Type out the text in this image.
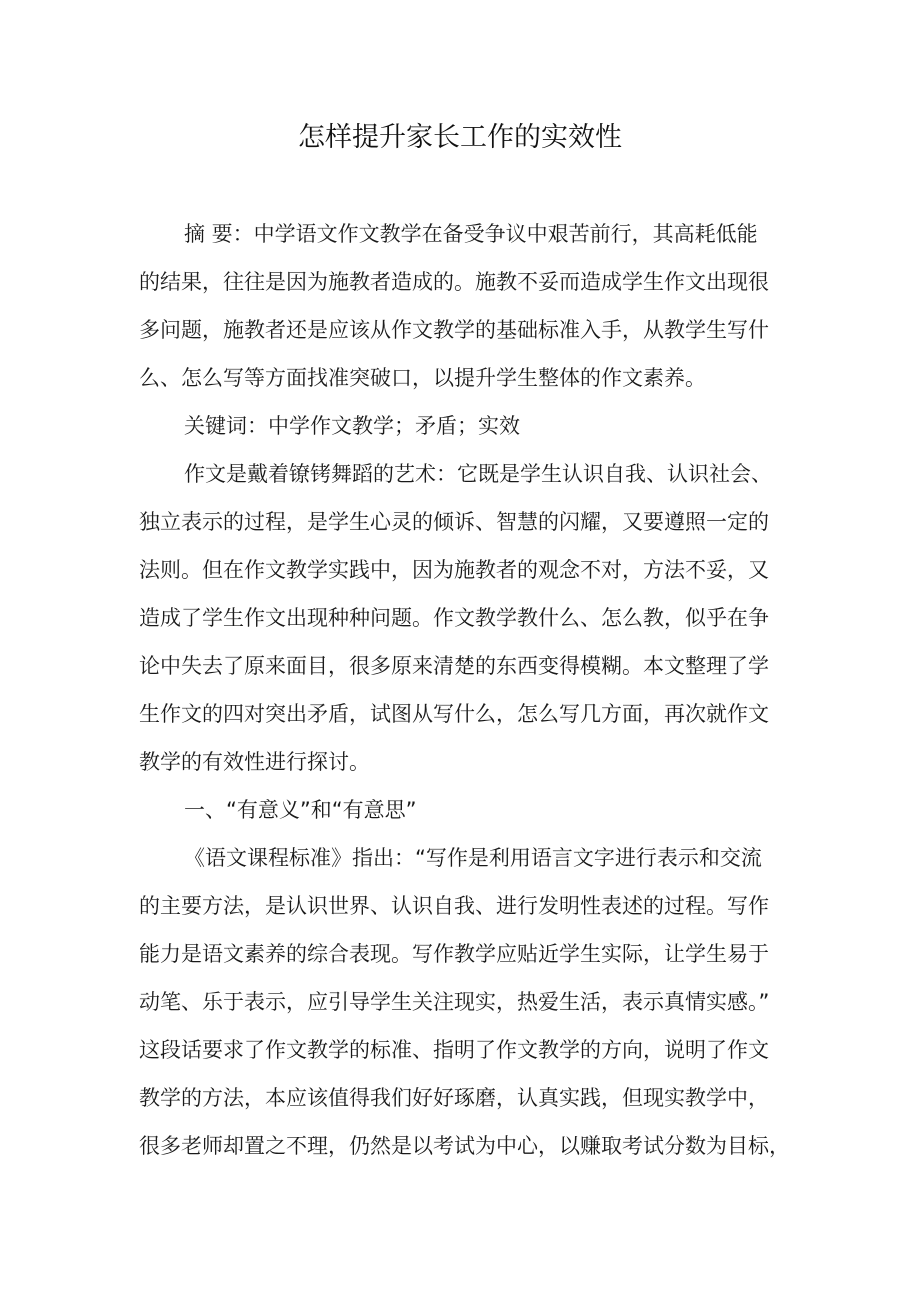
怎样提升家长工作的实效性
摘 要：中学语文作文教学在备受争议中艰苦前行，其高耗低能
的结果，往往是因为施教者造成的。施教不妥而造成学生作文出现很
多问题，施教者还是应该从作文教学的基础标准入手，从教学生写什
么、怎么写等方面找准突破口，以提升学生整体的作文素养。
关键词：中学作文教学；矛盾；实效
作文是戴着镣铐舞蹈的艺术：它既是学生认识自我、认识社会、
独立表示的过程，是学生心灵的倾诉、智慧的闪耀，又要遵照一定的
法则。但在作文教学实践中，因为施教者的观念不对，方法不妥，又
造成了学生作文出现种种问题。作文教学教什么、怎么教，似乎在争
论中失去了原来面目，很多原来清楚的东西变得模糊。本文整理了学
生作文的四对突出矛盾，试图从写什么，怎么写几方面，再次就作文
教学的有效性进行探讨。
一、“有意义”和“有意思”
《语文课程标准》指出：“写作是利用语言文字进行表示和交流
的主要方法，是认识世界、认识自我、进行发明性表述的过程。写作
能力是语文素养的综合表现。写作教学应贴近学生实际，让学生易于
动笔、乐于表示，应引导学生关注现实，热爱生活，表示真情实感。”
这段话要求了作文教学的标准、指明了作文教学的方向，说明了作文
教学的方法，本应该值得我们好好琢磨，认真实践，但现实教学中，
很多老师却置之不理，仍然是以考试为中心，以赚取考试分数为目标，
